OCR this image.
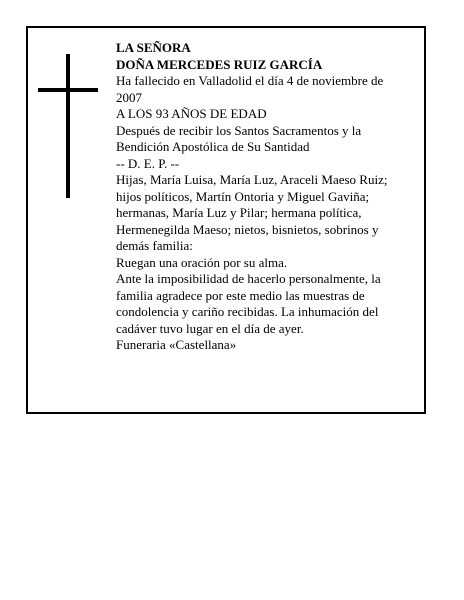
LA SEÑORA

DOÑA MERCEDES RUIZ GARCÍA

Ha fallecido en Valladolid el día 4 de noviembre de 2007

A LOS 93 AÑOS DE EDAD

Después de recibir los Santos Sacramentos y la Bendición Apostólica de Su Santidad

-- D. E. P. --

Hijas, María Luisa, María Luz, Araceli Maeso Ruiz; hijos políticos, Martín Ontoria y Miguel Gaviña; hermanas, María Luz y Pilar; hermana política, Hermenegilda Maeso; nietos, bisnietos, sobrinos y demás familia:

Ruegan una oración por su alma.

Ante la imposibilidad de hacerlo personalmente, la familia agradece por este medio las muestras de condolencia y cariño recibidas. La inhumación del cadáver tuvo lugar en el día de ayer.

Funeraria «Castellana»
